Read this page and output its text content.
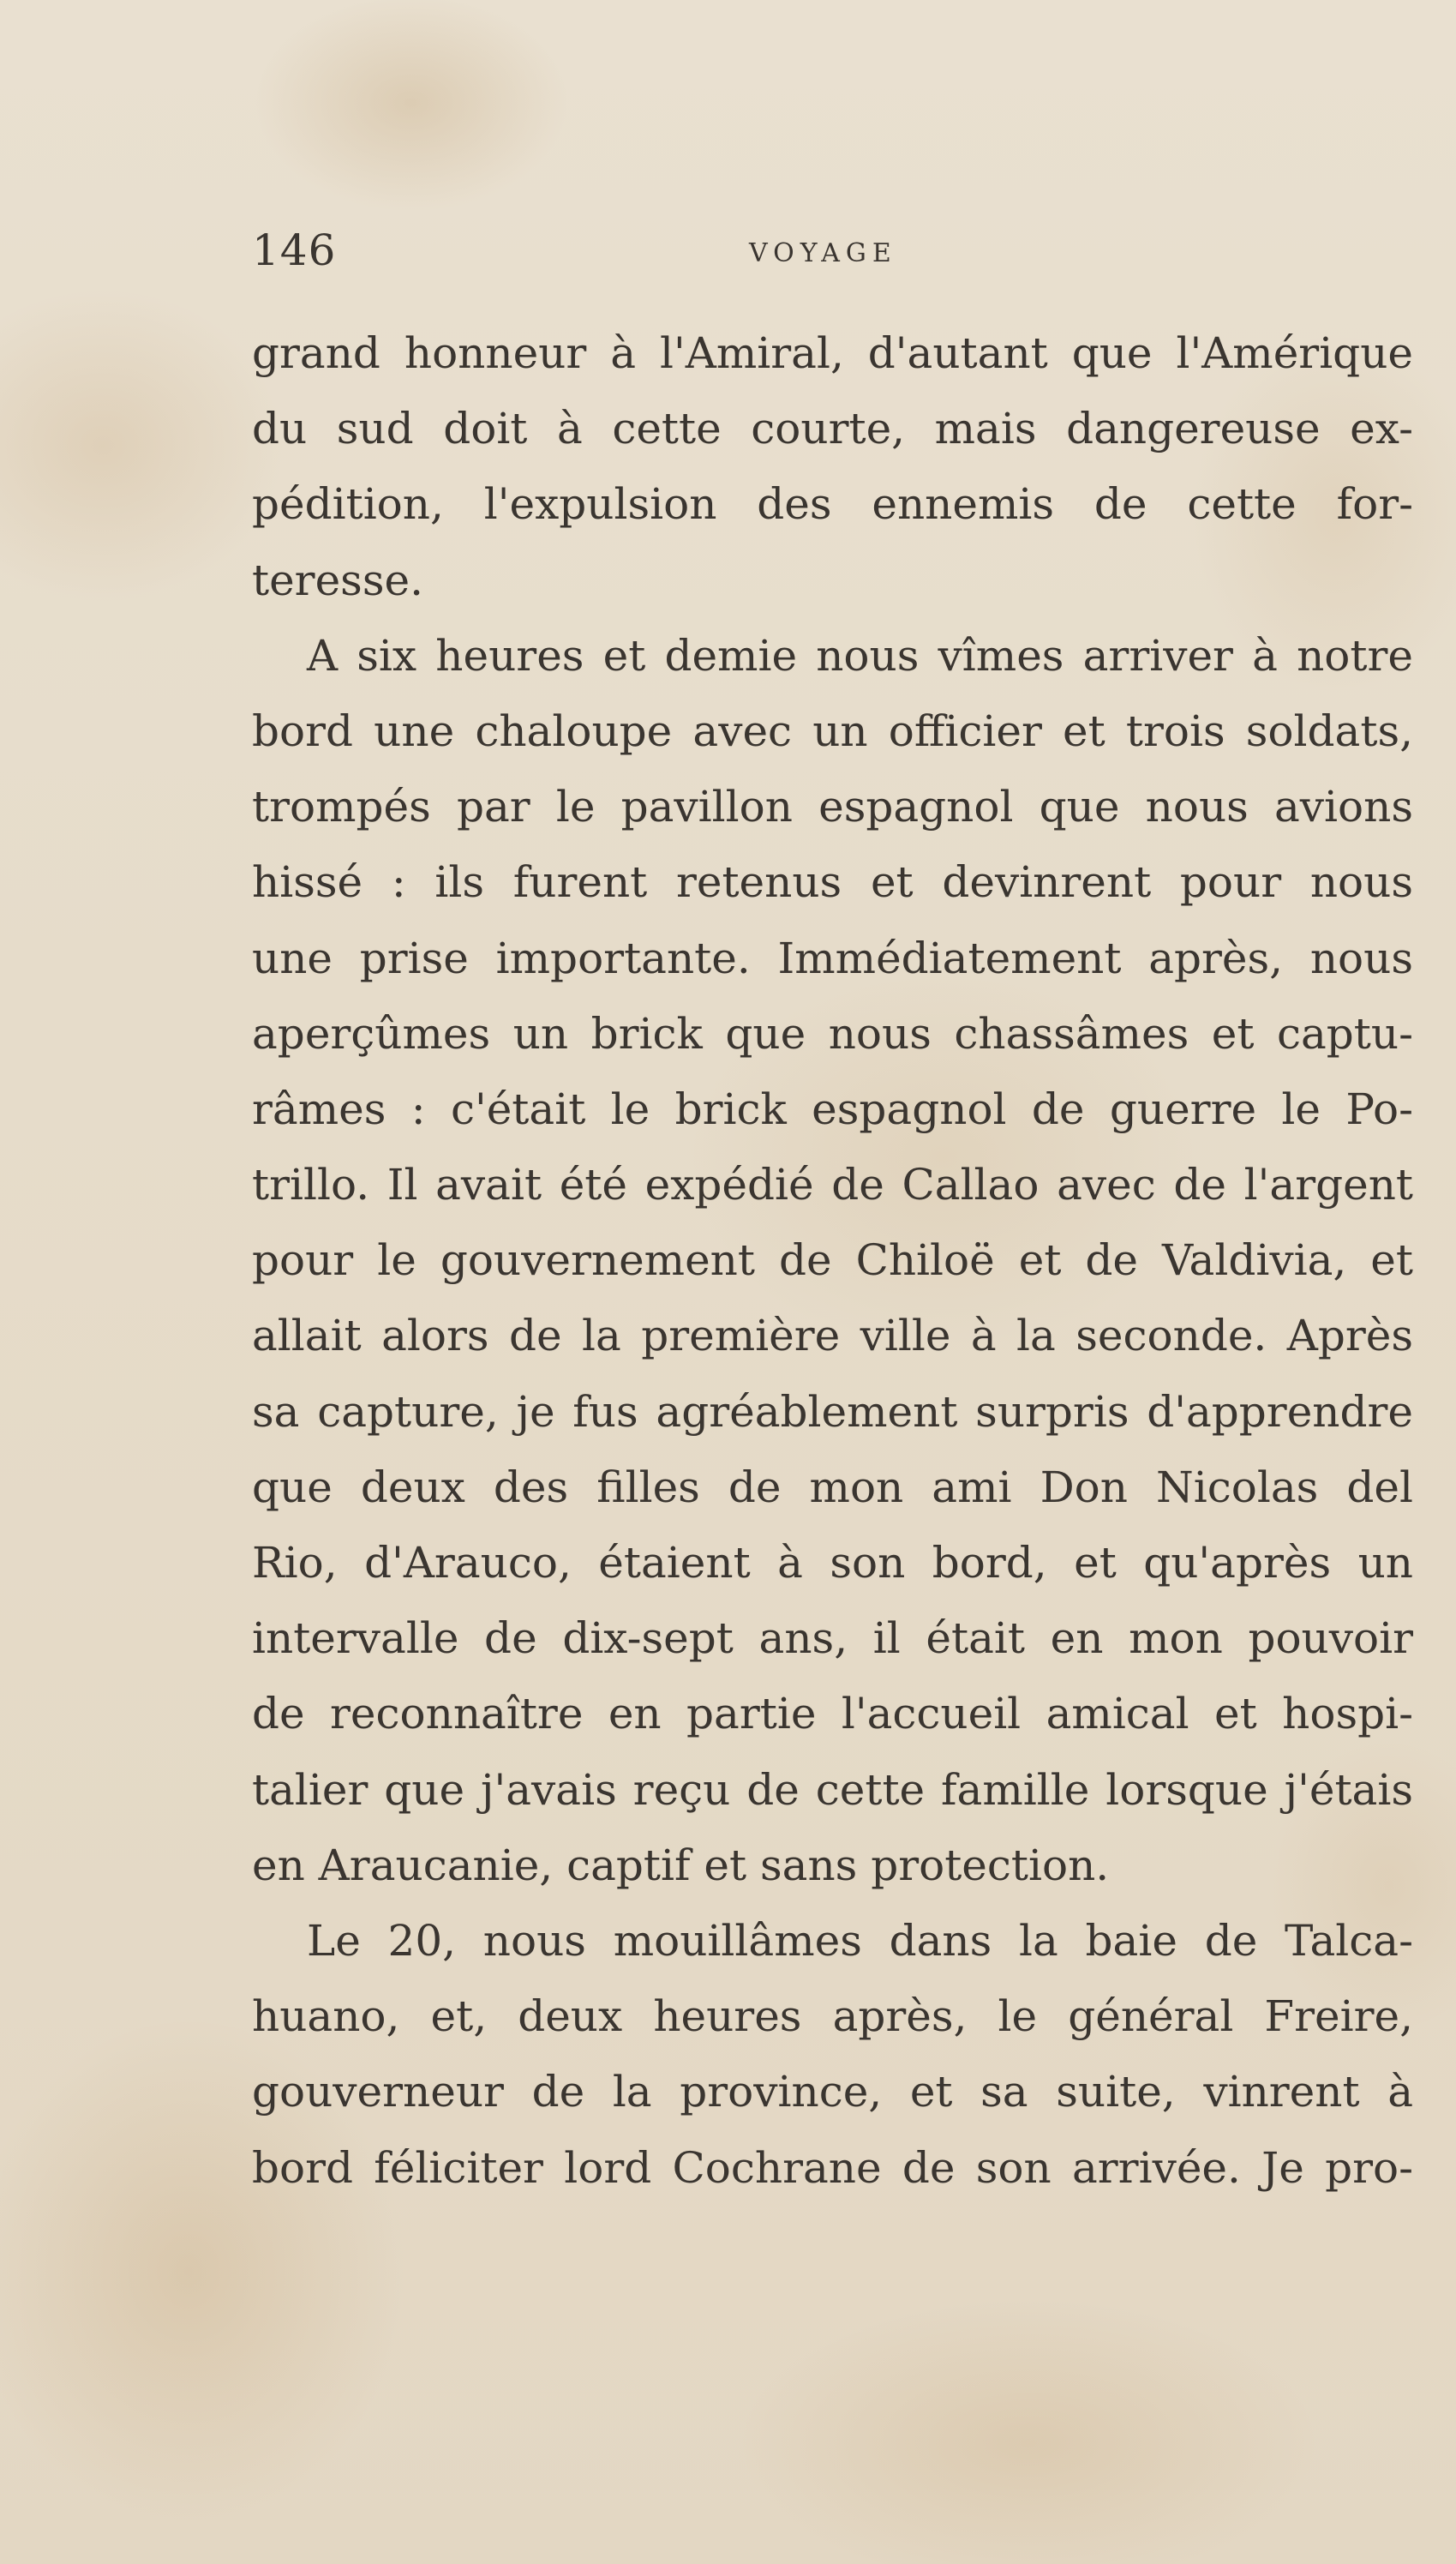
146	VOYAGE
grand honneur à l'Amiral, d'autant que l'Amérique
du sud doit à cette courte, mais dangereuse ex-
pédition, l'expulsion des ennemis de cette for-
teresse.
A six heures et demie nous vîmes arriver à notre
bord une chaloupe avec un officier et trois soldats,
trompés par le pavillon espagnol que nous avions
hissé : ils furent retenus et devinrent pour nous
une prise importante. Immédiatement après, nous
aperçûmes un brick que nous chassâmes et captu-
râmes : c'était le brick espagnol de guerre le Po-
trillo. Il avait été expédié de Callao avec de l'argent
pour le gouvernement de Chiloë et de Valdivia, et
allait alors de la première ville à la seconde. Après
sa capture, je fus agréablement surpris d'apprendre
que deux des filles de mon ami Don Nicolas del
Rio, d'Arauco, étaient à son bord, et qu'après un
intervalle de dix-sept ans, il était en mon pouvoir
de reconnaître en partie l'accueil amical et hospi-
talier que j'avais reçu de cette famille lorsque j'étais
en Araucanie, captif et sans protection.
Le 20, nous mouillâmes dans la baie de Talca-
huano, et, deux heures après, le général Freire,
gouverneur de la province, et sa suite, vinrent à
bord féliciter lord Cochrane de son arrivée. Je pro-
